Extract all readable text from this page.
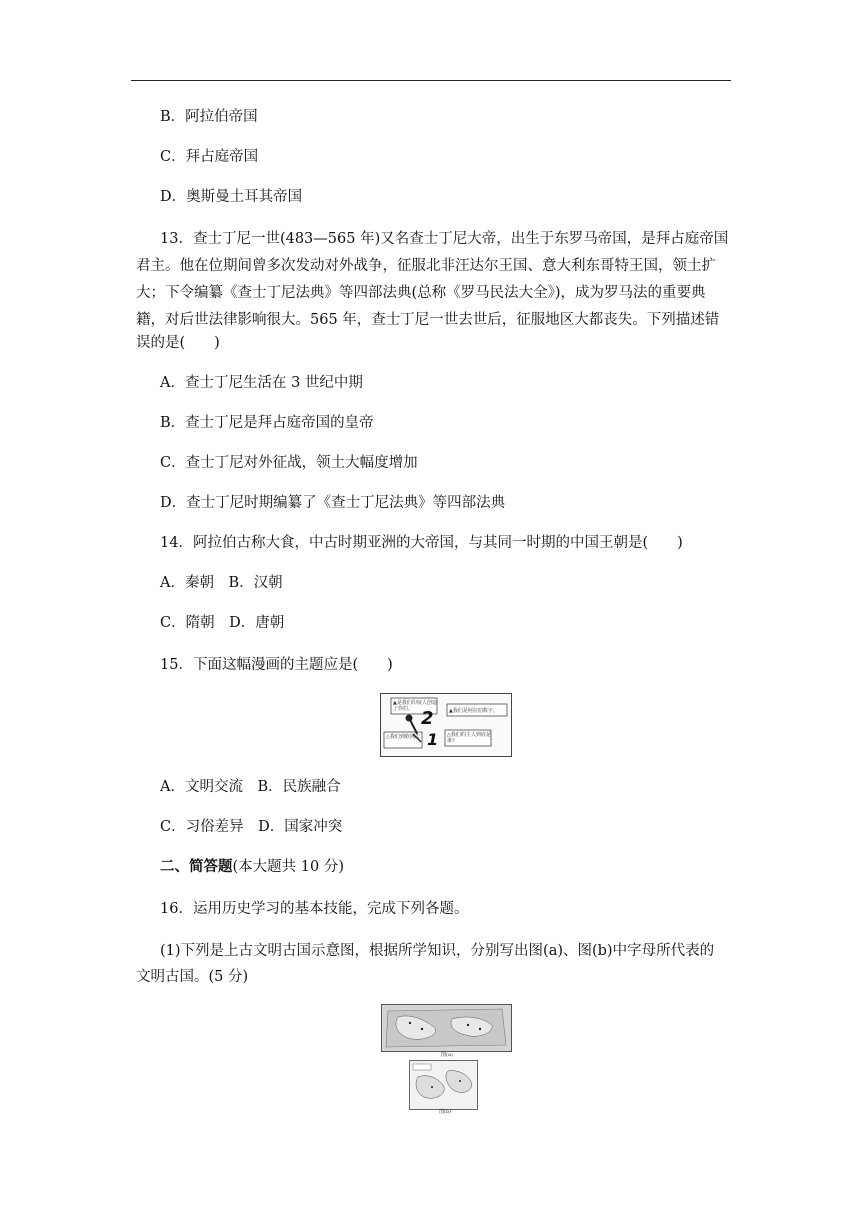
B．阿拉伯帝国
C．拜占庭帝国
D．奥斯曼土耳其帝国
13．查士丁尼一世(483—565 年)又名查士丁尼大帝，出生于东罗马帝国，是拜占庭帝国
君主。他在位期间曾多次发动对外战争，征服北非汪达尔王国、意大利东哥特王国，领土扩
大；下令编纂《查士丁尼法典》等四部法典(总称《罗马民法大全》)，成为罗马法的重要典
籍，对后世法律影响很大。565 年，查士丁尼一世去世后，征服地区大都丧失。下列描述错
误的是(　　)
A．查士丁尼生活在 3 世纪中期
B．查士丁尼是拜占庭帝国的皇帝
C．查士丁尼对外征战，领土大幅度增加
D．查士丁尼时期编纂了《查士丁尼法典》等四部法典
14．阿拉伯古称大食，中古时期亚洲的大帝国，与其同一时期的中国王朝是(　　)
A．秦朝　B．汉朝
C．隋朝　D．唐朝
15．下面这幅漫画的主题应是(　　)
▲是我们印度人创造了你们。	▲我们是阿拉伯数字。
△我们到欧洲去	△我们的主人到底是谁?
2
1
A．文明交流　B．民族融合
C．习俗差异　D．国家冲突
二、简答题(本大题共 10 分)
16．运用历史学习的基本技能，完成下列各题。
(1)下列是上古文明古国示意图，根据所学知识，分别写出图(a)、图(b)中字母所代表的
文明古国。(5 分)
图(a)
图(b)
